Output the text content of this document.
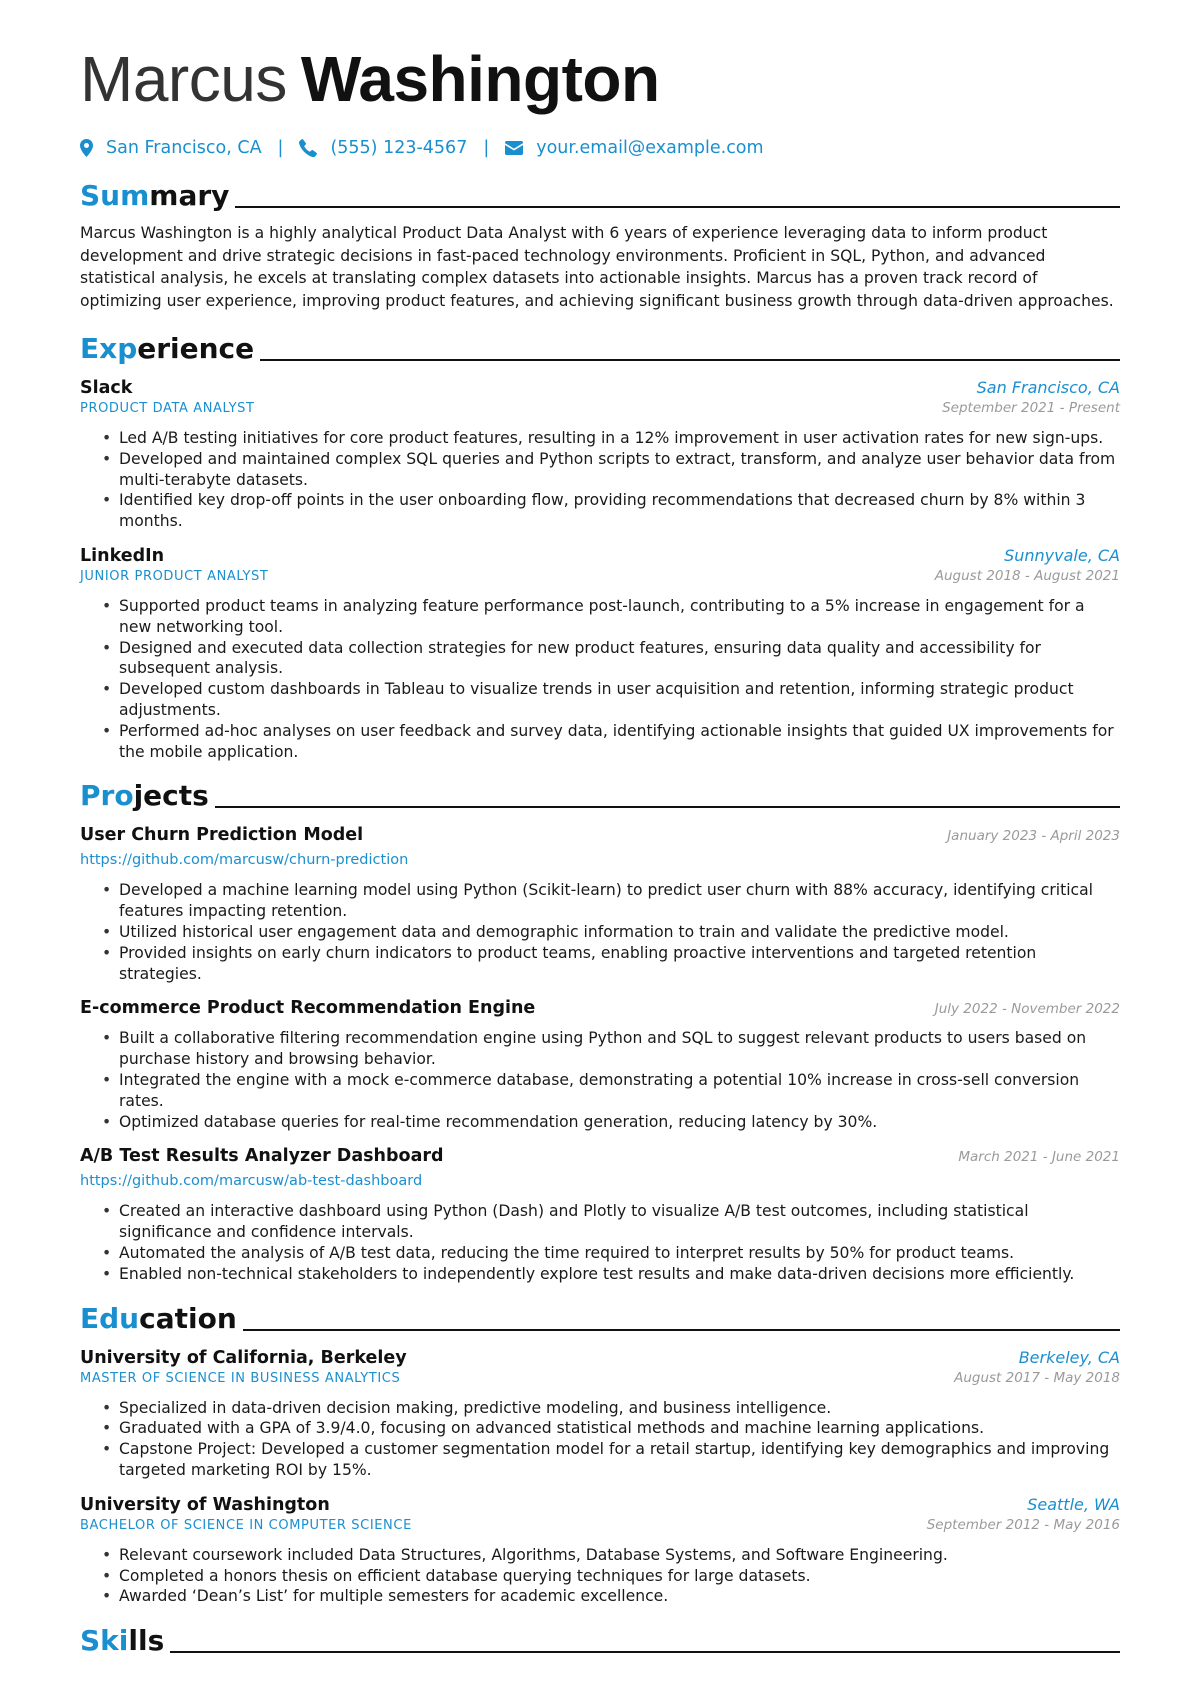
Marcus Washington
San Francisco, CA |	(555) 123-4567 |	your.email@example.com
Summary

Marcus Washington is a highly analytical Product Data Analyst with 6 years of experience leveraging data to inform product development and drive strategic decisions in fast-paced technology environments. Proficient in SQL, Python, and advanced statistical analysis, he excels at translating complex datasets into actionable insights. Marcus has a proven track record of optimizing user experience, improving product features, and achieving significant business growth through data-driven approaches.

Experience
Slack	San Francisco, CA
PRODUCT DATA ANALYST	September 2021 - Present
• Led A/B testing initiatives for core product features, resulting in a 12% improvement in user activation rates for new sign-ups.
• Developed and maintained complex SQL queries and Python scripts to extract, transform, and analyze user behavior data from multi-terabyte datasets.
• Identified key drop-off points in the user onboarding flow, providing recommendations that decreased churn by 8% within 3 months.
LinkedIn	Sunnyvale, CA
JUNIOR PRODUCT ANALYST	August 2018 - August 2021
• Supported product teams in analyzing feature performance post-launch, contributing to a 5% increase in engagement for a new networking tool.
• Designed and executed data collection strategies for new product features, ensuring data quality and accessibility for subsequent analysis.
• Developed custom dashboards in Tableau to visualize trends in user acquisition and retention, informing strategic product adjustments.
• Performed ad-hoc analyses on user feedback and survey data, identifying actionable insights that guided UX improvements for the mobile application.
Projects
User Churn Prediction Model	January 2023 - April 2023
https://github.com/marcusw/churn-prediction
• Developed a machine learning model using Python (Scikit-learn) to predict user churn with 88% accuracy, identifying critical features impacting retention.
• Utilized historical user engagement data and demographic information to train and validate the predictive model.
• Provided insights on early churn indicators to product teams, enabling proactive interventions and targeted retention strategies.
E-commerce Product Recommendation Engine	July 2022 - November 2022
• Built a collaborative filtering recommendation engine using Python and SQL to suggest relevant products to users based on purchase history and browsing behavior.
• Integrated the engine with a mock e-commerce database, demonstrating a potential 10% increase in cross-sell conversion rates.
• Optimized database queries for real-time recommendation generation, reducing latency by 30%.
A/B Test Results Analyzer Dashboard	March 2021 - June 2021
https://github.com/marcusw/ab-test-dashboard
• Created an interactive dashboard using Python (Dash) and Plotly to visualize A/B test outcomes, including statistical significance and confidence intervals.
• Automated the analysis of A/B test data, reducing the time required to interpret results by 50% for product teams.
• Enabled non-technical stakeholders to independently explore test results and make data-driven decisions more efficiently.
Education
University of California, Berkeley	Berkeley, CA
MASTER OF SCIENCE IN BUSINESS ANALYTICS	August 2017 - May 2018
• Specialized in data-driven decision making, predictive modeling, and business intelligence.
• Graduated with a GPA of 3.9/4.0, focusing on advanced statistical methods and machine learning applications.
• Capstone Project: Developed a customer segmentation model for a retail startup, identifying key demographics and improving targeted marketing ROI by 15%.
University of Washington	Seattle, WA
BACHELOR OF SCIENCE IN COMPUTER SCIENCE	September 2012 - May 2016
• Relevant coursework included Data Structures, Algorithms, Database Systems, and Software Engineering.
• Completed a honors thesis on efficient database querying techniques for large datasets.
• Awarded ‘Dean’s List’ for multiple semesters for academic excellence.
Skills
